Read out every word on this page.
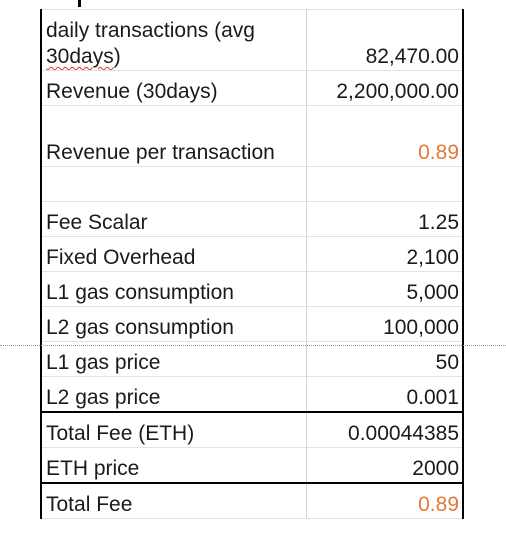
daily transactions (avg
30days)	82,470.00
Revenue (30days)	2,200,000.00
Revenue per transaction	0.89

Fee Scalar	1.25
Fixed Overhead	2,100
L1 gas consumption	5,000
L2 gas consumption	100,000
L1 gas price	50
L2 gas price	0.001
Total Fee (ETH)	0.00044385
ETH price	2000
Total Fee	0.89
